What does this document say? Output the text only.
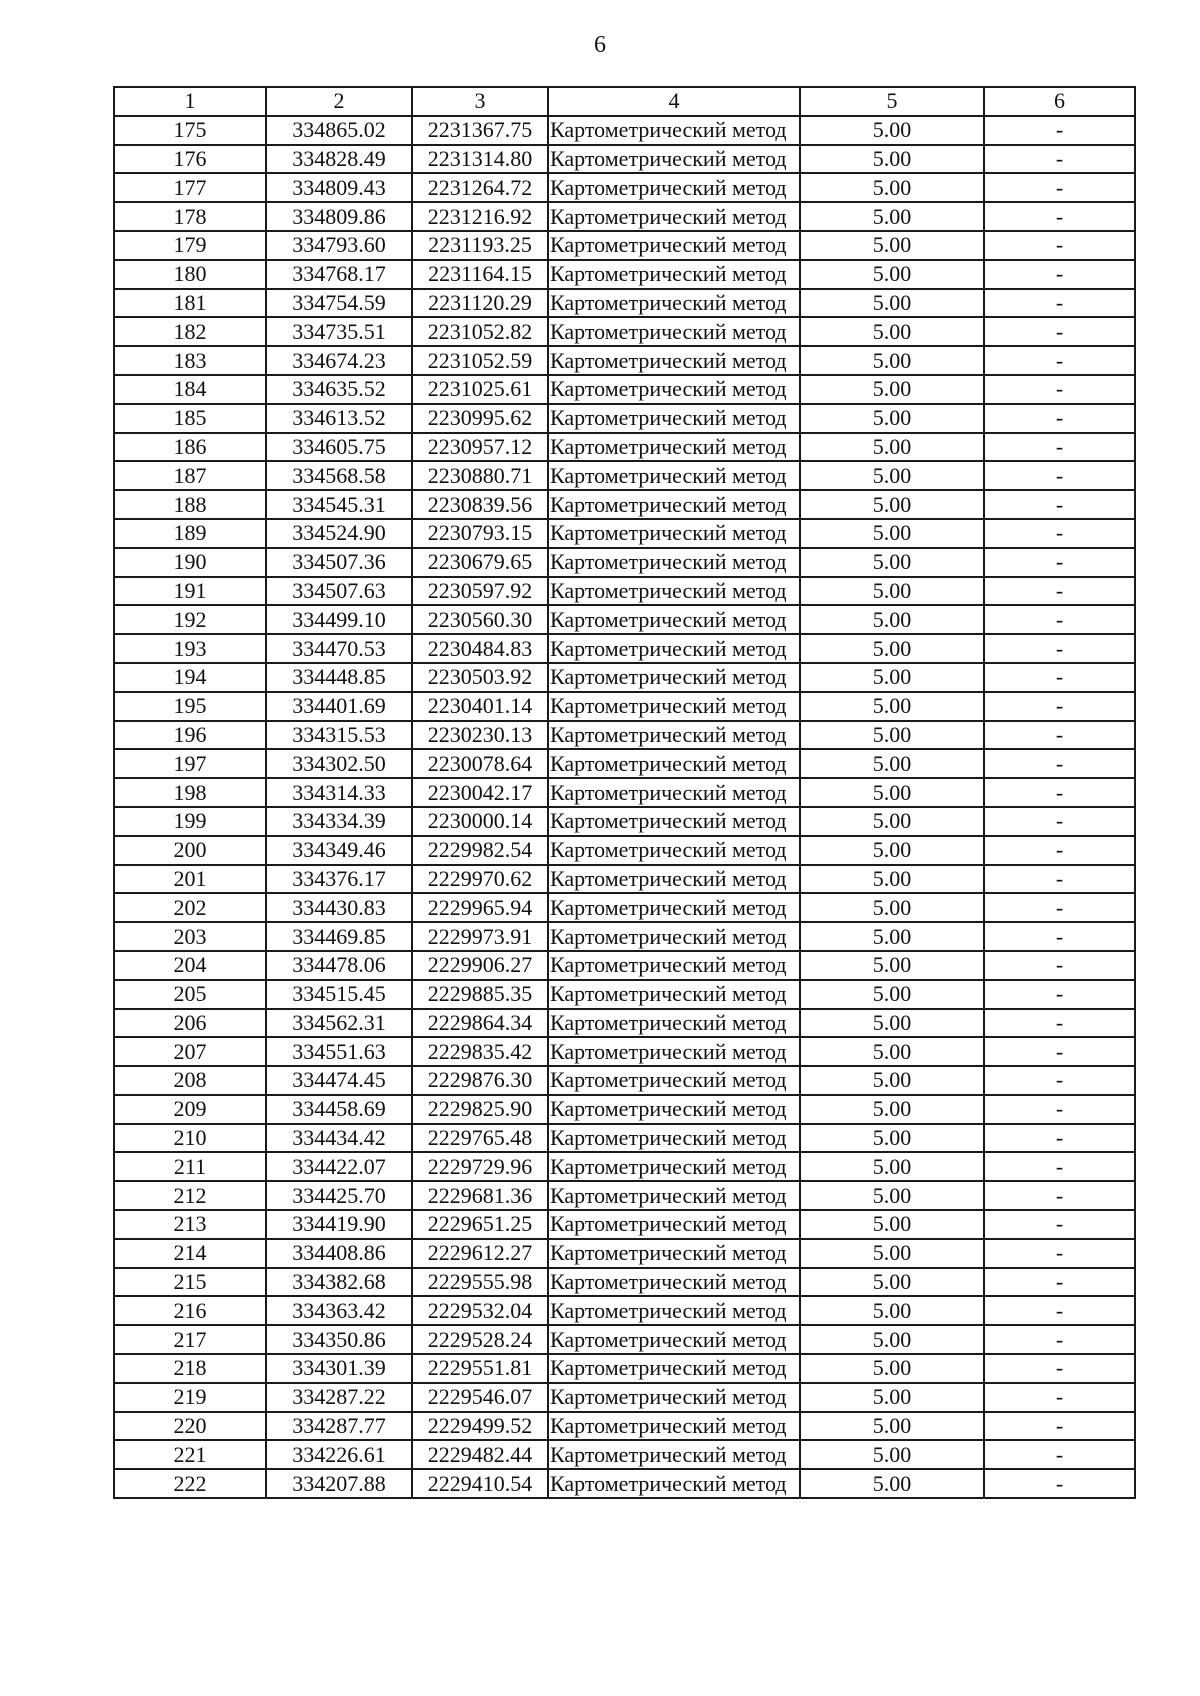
6
1	2	3	4	5	6
175	334865.02	2231367.75	Картометрический метод	5.00	-
176	334828.49	2231314.80	Картометрический метод	5.00	-
177	334809.43	2231264.72	Картометрический метод	5.00	-
178	334809.86	2231216.92	Картометрический метод	5.00	-
179	334793.60	2231193.25	Картометрический метод	5.00	-
180	334768.17	2231164.15	Картометрический метод	5.00	-
181	334754.59	2231120.29	Картометрический метод	5.00	-
182	334735.51	2231052.82	Картометрический метод	5.00	-
183	334674.23	2231052.59	Картометрический метод	5.00	-
184	334635.52	2231025.61	Картометрический метод	5.00	-
185	334613.52	2230995.62	Картометрический метод	5.00	-
186	334605.75	2230957.12	Картометрический метод	5.00	-
187	334568.58	2230880.71	Картометрический метод	5.00	-
188	334545.31	2230839.56	Картометрический метод	5.00	-
189	334524.90	2230793.15	Картометрический метод	5.00	-
190	334507.36	2230679.65	Картометрический метод	5.00	-
191	334507.63	2230597.92	Картометрический метод	5.00	-
192	334499.10	2230560.30	Картометрический метод	5.00	-
193	334470.53	2230484.83	Картометрический метод	5.00	-
194	334448.85	2230503.92	Картометрический метод	5.00	-
195	334401.69	2230401.14	Картометрический метод	5.00	-
196	334315.53	2230230.13	Картометрический метод	5.00	-
197	334302.50	2230078.64	Картометрический метод	5.00	-
198	334314.33	2230042.17	Картометрический метод	5.00	-
199	334334.39	2230000.14	Картометрический метод	5.00	-
200	334349.46	2229982.54	Картометрический метод	5.00	-
201	334376.17	2229970.62	Картометрический метод	5.00	-
202	334430.83	2229965.94	Картометрический метод	5.00	-
203	334469.85	2229973.91	Картометрический метод	5.00	-
204	334478.06	2229906.27	Картометрический метод	5.00	-
205	334515.45	2229885.35	Картометрический метод	5.00	-
206	334562.31	2229864.34	Картометрический метод	5.00	-
207	334551.63	2229835.42	Картометрический метод	5.00	-
208	334474.45	2229876.30	Картометрический метод	5.00	-
209	334458.69	2229825.90	Картометрический метод	5.00	-
210	334434.42	2229765.48	Картометрический метод	5.00	-
211	334422.07	2229729.96	Картометрический метод	5.00	-
212	334425.70	2229681.36	Картометрический метод	5.00	-
213	334419.90	2229651.25	Картометрический метод	5.00	-
214	334408.86	2229612.27	Картометрический метод	5.00	-
215	334382.68	2229555.98	Картометрический метод	5.00	-
216	334363.42	2229532.04	Картометрический метод	5.00	-
217	334350.86	2229528.24	Картометрический метод	5.00	-
218	334301.39	2229551.81	Картометрический метод	5.00	-
219	334287.22	2229546.07	Картометрический метод	5.00	-
220	334287.77	2229499.52	Картометрический метод	5.00	-
221	334226.61	2229482.44	Картометрический метод	5.00	-
222	334207.88	2229410.54	Картометрический метод	5.00	-
